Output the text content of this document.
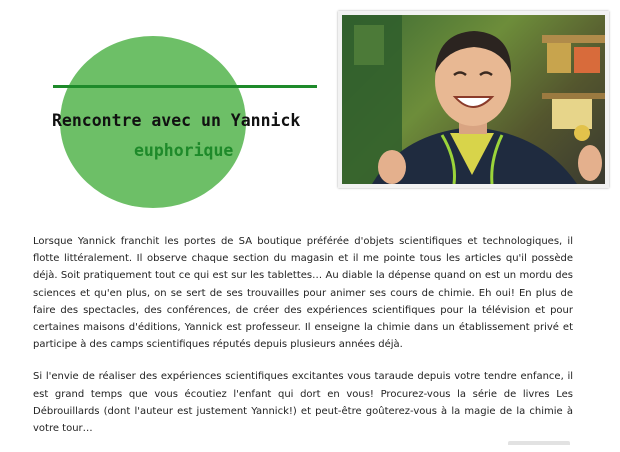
Rencontre avec un Yannick
euphorique

Lorsque Yannick franchit les portes de SA boutique préférée d'objets scientifiques et technologiques, il flotte littéralement. Il observe chaque section du magasin et il me pointe tous les articles qu'il possède déjà. Soit pratiquement tout ce qui est sur les tablettes… Au diable la dépense quand on est un mordu des sciences et qu'en plus, on se sert de ses trouvailles pour animer ses cours de chimie. Eh oui! En plus de faire des spectacles, des conférences, de créer des expériences scientifiques pour la télévision et pour certaines maisons d'éditions, Yannick est professeur. Il enseigne la chimie dans un établissement privé et participe à des camps scientifiques réputés depuis plusieurs années déjà.

Si l'envie de réaliser des expériences scientifiques excitantes vous taraude depuis votre tendre enfance, il est grand temps que vous écoutiez l'enfant qui dort en vous! Procurez-vous la série de livres Les Débrouillards (dont l'auteur est justement Yannick!) et peut-être goûterez-vous à la magie de la chimie à votre tour…
